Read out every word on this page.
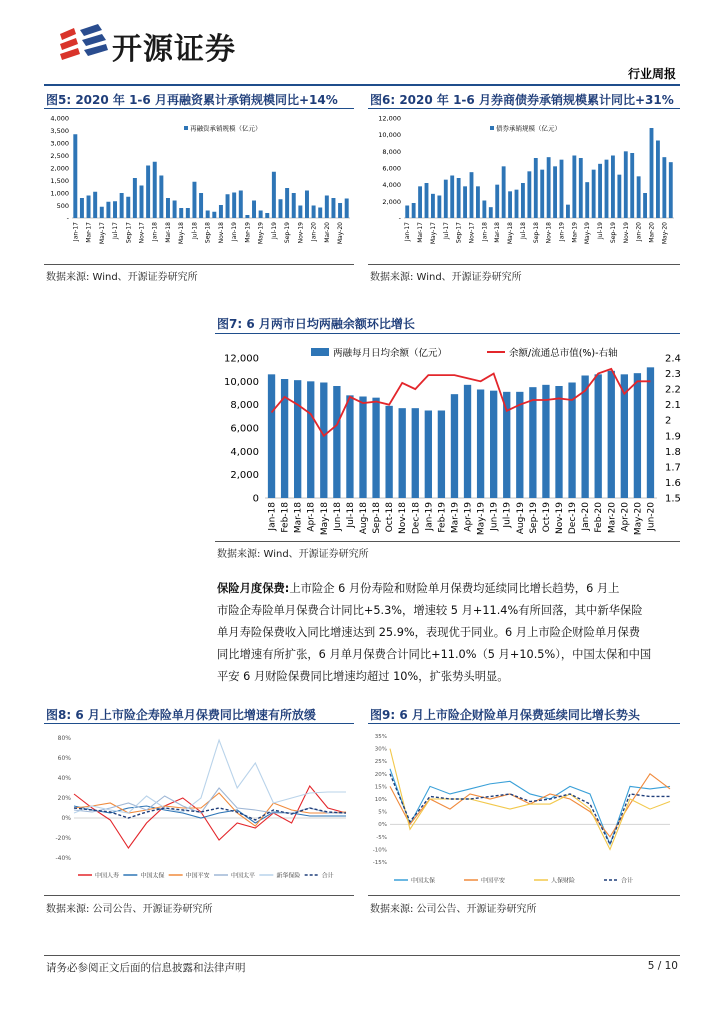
开源证券
行业周报
图5: 2020 年 1-6 月再融资累计承销规模同比+14%
-
500
1,000
1,500
2,000
2,500
3,000
3,500
4,000
Jan-17 Mar-17 May-17 Jul-17 Sep-17 Nov-17 Jan-18 Mar-18 May-18 Jul-18 Sep-18 Nov-18 Jan-19 Mar-19 May-19 Jul-19 Sep-19 Nov-19 Jan-20 Mar-20 May-20
再融资承销规模（亿元）
数据来源: Wind、开源证券研究所
图6: 2020 年 1-6 月券商债券承销规模累计同比+31%
-
2,000
4,000
6,000
8,000
10,000
12,000
Jan-17 Mar-17 May-17 Jul-17 Sep-17 Nov-17 Jan-18 Mar-18 May-18 Jul-18 Sep-18 Nov-18 Jan-19 Mar-19 May-19 Jul-19 Sep-19 Nov-19 Jan-20 Mar-20 May-20
债券承销规模（亿元）
数据来源: Wind、开源证券研究所
图7: 6 月两市日均两融余额环比增长
0
2,000
4,000
6,000
8,000
10,000
12,000
1.5
1.6
1.7
1.8
1.9
2
2.1
2.2
2.3
2.4
Jan-18 Feb-18 Mar-18 Apr-18 May-18 Jun-18 Jul-18 Aug-18 Sep-18 Oct-18 Nov-18 Dec-18 Jan-19 Feb-19 Mar-19 Apr-19 May-19 Jun-19 Jul-19 Aug-19 Sep-19 Oct-19 Nov-19 Dec-19 Jan-20 Feb-20 Mar-20 Apr-20 May-20 Jun-20
两融每月日均余额（亿元）	余额/流通总市值(%)-右轴
数据来源: Wind、开源证券研究所
保险月度保费:上市险企 6 月份寿险和财险单月保费均延续同比增长趋势，6 月上
市险企寿险单月保费合计同比+5.3%，增速较 5 月+11.4%有所回落，其中新华保险
单月寿险保费收入同比增速达到 25.9%，表现优于同业。6 月上市险企财险单月保费
同比增速有所扩张，6 月单月保费合计同比+11.0%（5 月+10.5%），中国太保和中国
平安 6 月财险保费同比增速均超过 10%，扩张势头明显。
图8: 6 月上市险企寿险单月保费同比增速有所放缓
80%
60%
40%
20%
0%
-20%
-40%
中国人寿	中国太保	中国平安	中国太平	新华保险	合计
数据来源: 公司公告、开源证券研究所
图9: 6 月上市险企财险单月保费延续同比增长势头
35%
30%
25%
20%
15%
10%
5%
0%
-5%
-10%
-15%
中国太保	中国平安	人保财险	合计
数据来源: 公司公告、开源证券研究所
请务必参阅正文后面的信息披露和法律声明	5 / 10
